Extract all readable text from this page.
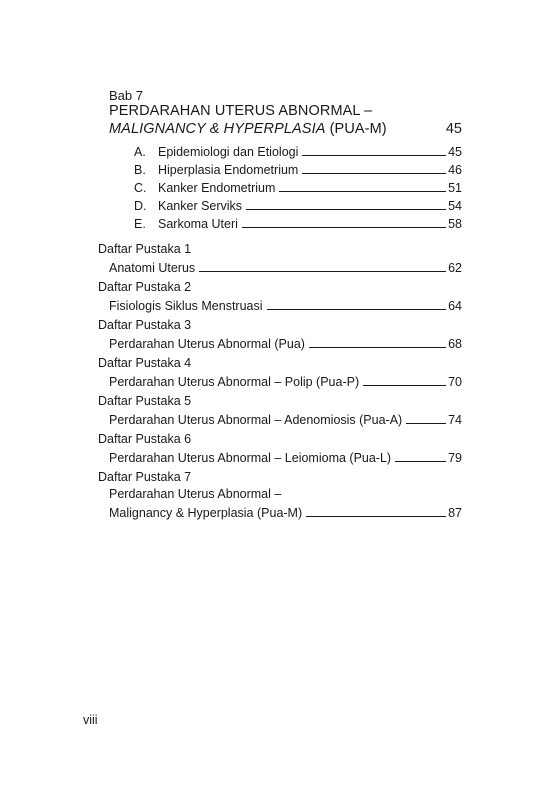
Bab 7
PERDARAHAN UTERUS ABNORMAL –
MALIGNANCY & HYPERPLASIA (PUA-M)	45
A. Epidemiologi dan Etiologi	45
B. Hiperplasia Endometrium	46
C. Kanker Endometrium	51
D. Kanker Serviks	54
E. Sarkoma Uteri	58
Daftar Pustaka 1
Anatomi Uterus	62
Daftar Pustaka 2
Fisiologis Siklus Menstruasi	64
Daftar Pustaka 3
Perdarahan Uterus Abnormal (Pua)	68
Daftar Pustaka 4
Perdarahan Uterus Abnormal – Polip (Pua-P)	70
Daftar Pustaka 5
Perdarahan Uterus Abnormal – Adenomiosis (Pua-A)	74
Daftar Pustaka 6
Perdarahan Uterus Abnormal – Leiomioma (Pua-L)	79
Daftar Pustaka 7
Perdarahan Uterus Abnormal –
Malignancy & Hyperplasia (Pua-M)	87
viii
